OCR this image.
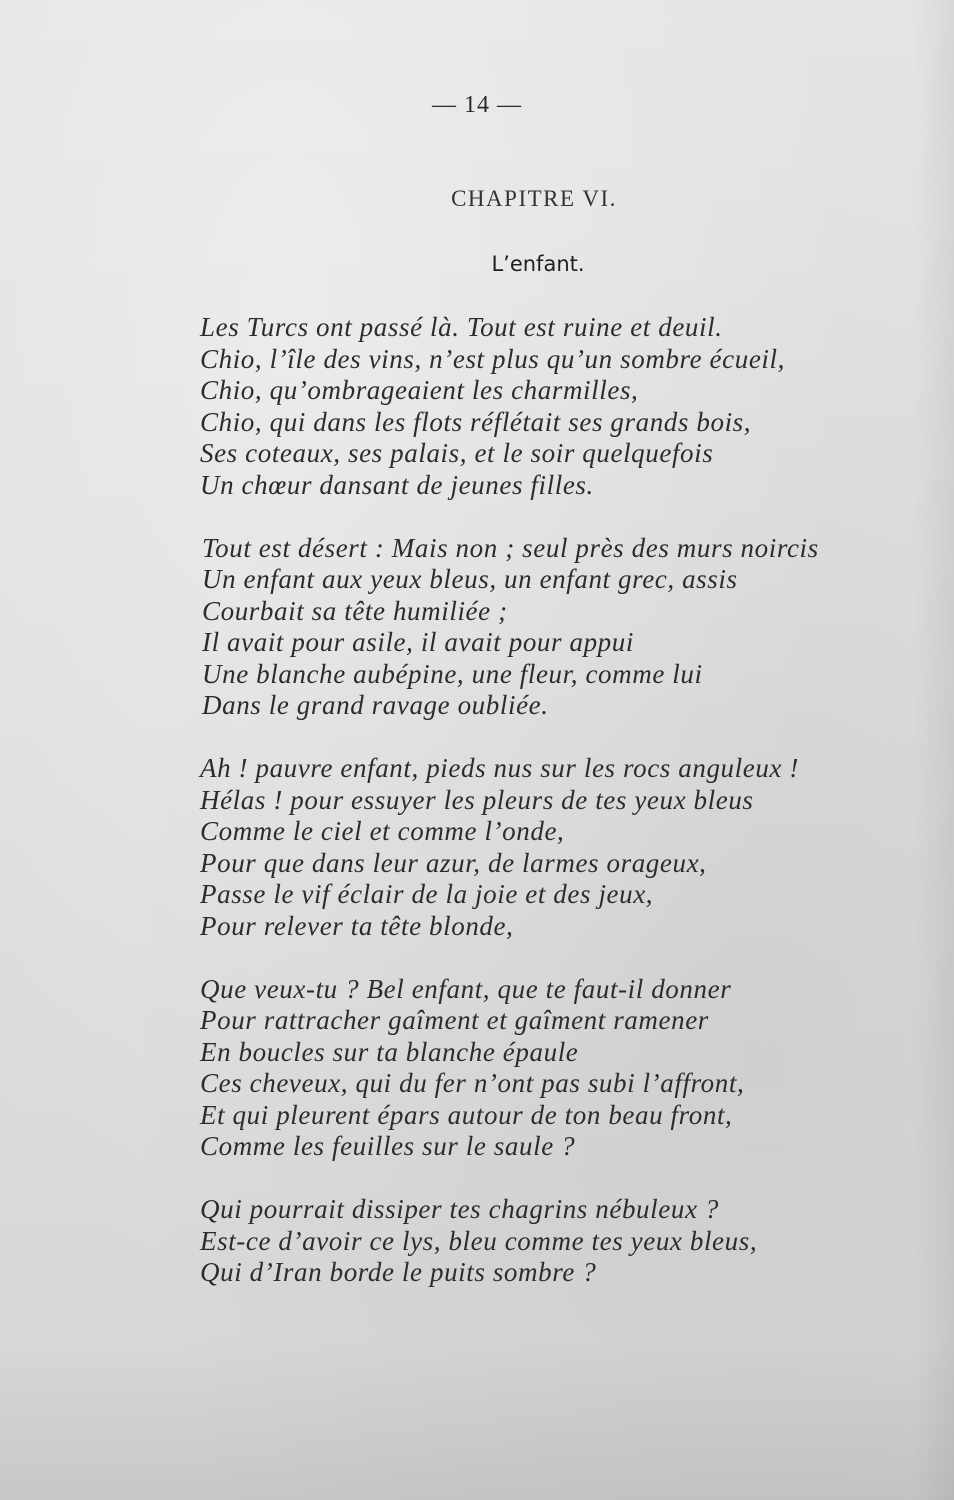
— 14 —
CHAPITRE VI.
L’enfant.
Les Turcs ont passé là. Tout est ruine et deuil.
Chio, l’île des vins, n’est plus qu’un sombre écueil,
Chio, qu’ombrageaient les charmilles,
Chio, qui dans les flots réflétait ses grands bois,
Ses coteaux, ses palais, et le soir quelquefois
Un chœur dansant de jeunes filles.
Tout est désert : Mais non ; seul près des murs noircis
Un enfant aux yeux bleus, un enfant grec, assis
Courbait sa tête humiliée ;
Il avait pour asile, il avait pour appui
Une blanche aubépine, une fleur, comme lui
Dans le grand ravage oubliée.
Ah ! pauvre enfant, pieds nus sur les rocs anguleux !
Hélas ! pour essuyer les pleurs de tes yeux bleus
Comme le ciel et comme l’onde,
Pour que dans leur azur, de larmes orageux,
Passe le vif éclair de la joie et des jeux,
Pour relever ta tête blonde,
Que veux-tu ? Bel enfant, que te faut-il donner
Pour rattracher gaîment et gaîment ramener
En boucles sur ta blanche épaule
Ces cheveux, qui du fer n’ont pas subi l’affront,
Et qui pleurent épars autour de ton beau front,
Comme les feuilles sur le saule ?
Qui pourrait dissiper tes chagrins nébuleux ?
Est-ce d’avoir ce lys, bleu comme tes yeux bleus,
Qui d’Iran borde le puits sombre ?
